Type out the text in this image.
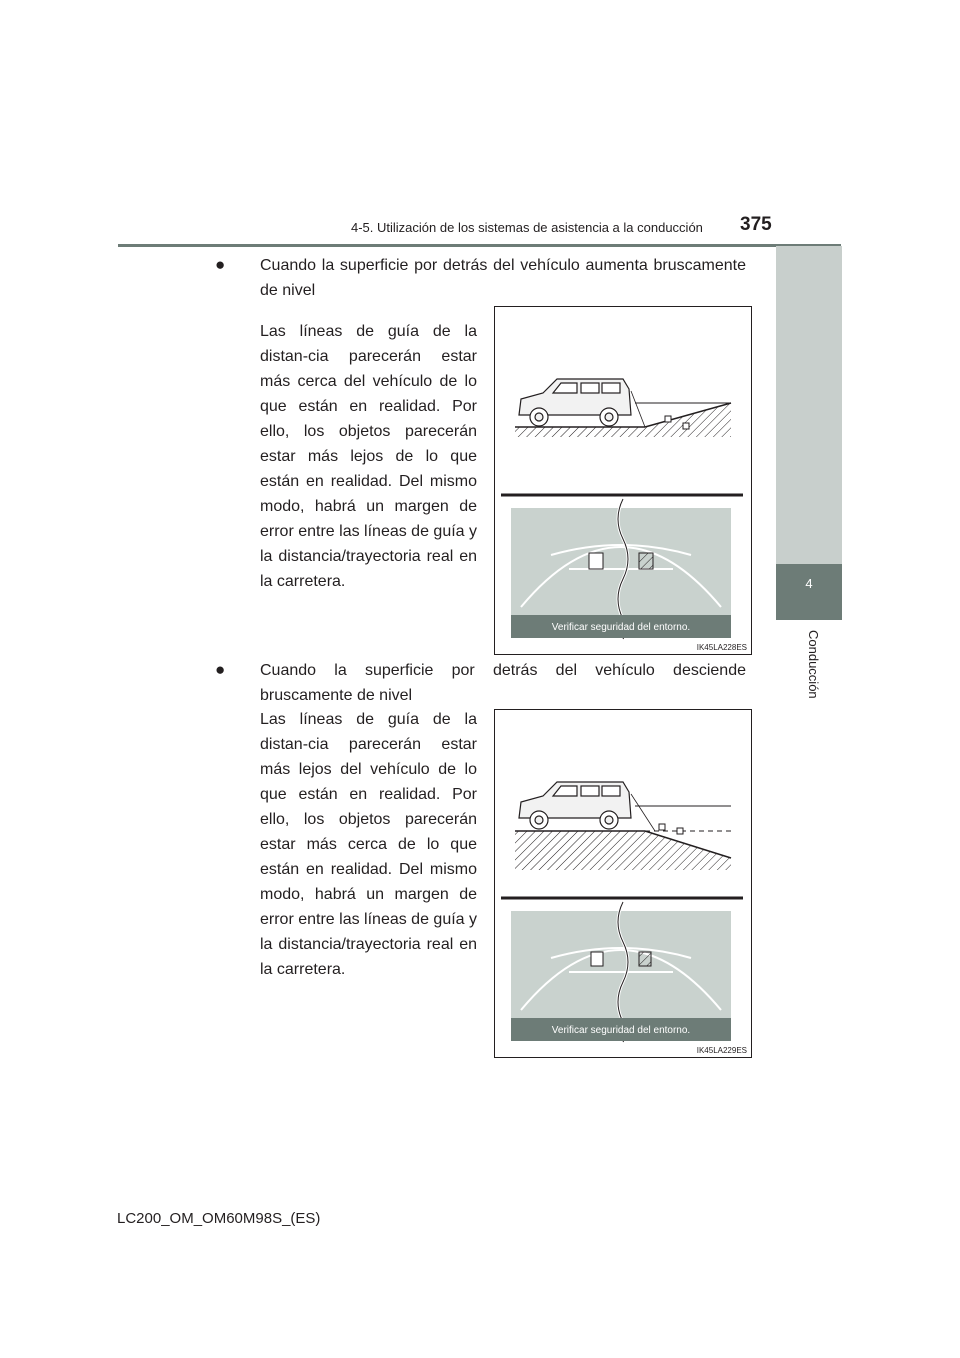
4-5. Utilización de los sistemas de asistencia a la conducción 375
4
Conducción
● Cuando la superficie por detrás del vehículo aumenta bruscamente de nivel
Las líneas de guía de la distan-cia parecerán estar más cerca del vehículo de lo que están en realidad. Por ello, los objetos parecerán estar más lejos de lo que están en realidad. Del mismo modo, habrá un margen de error entre las líneas de guía y la distancia/trayectoria real en la carretera.
Verificar seguridad del entorno.
IK45LA228ES
● Cuando la superficie por detrás del vehículo desciende bruscamente de nivel
Las líneas de guía de la distan-cia parecerán estar más lejos del vehículo de lo que están en realidad. Por ello, los objetos parecerán estar más cerca de lo que están en realidad. Del mismo modo, habrá un margen de error entre las líneas de guía y la distancia/trayectoria real en la carretera.
Verificar seguridad del entorno.
IK45LA229ES
LC200_OM_OM60M98S_(ES)
